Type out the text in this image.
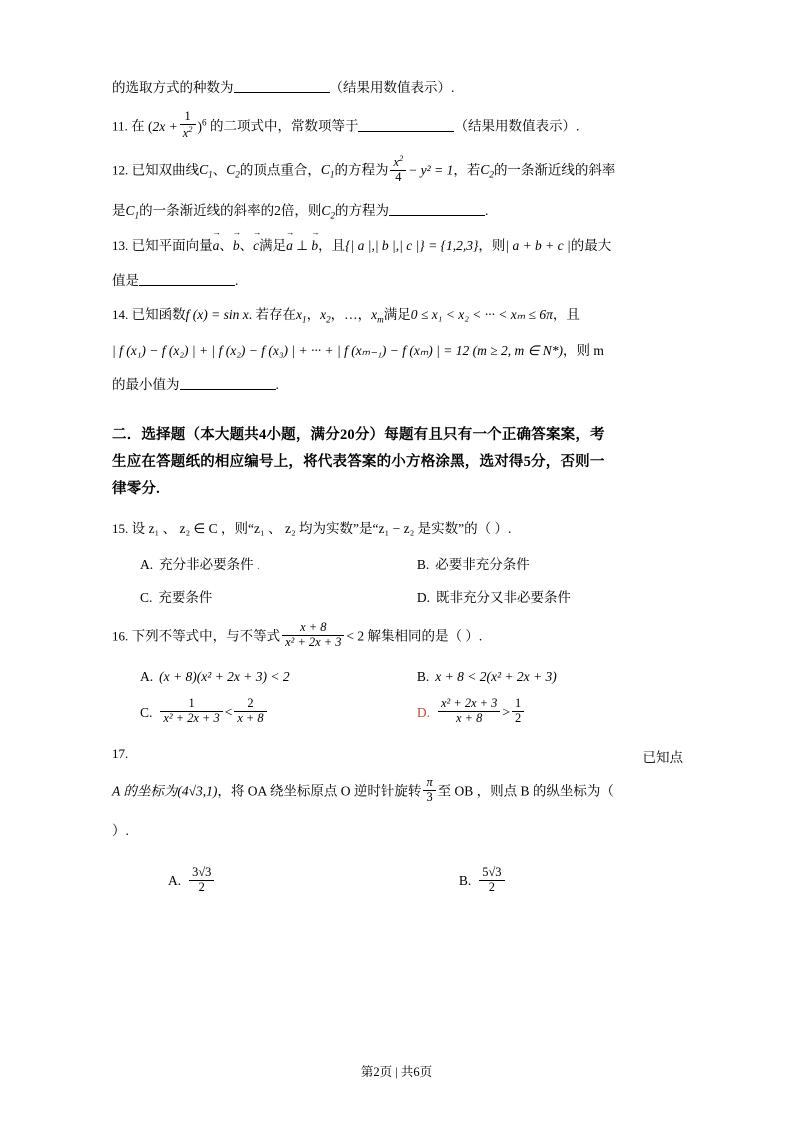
的选取方式的种数为	（结果用数值表示）.
11. 在 $(2x + \frac{1}{x^2} )^6$ 的二项式中，常数项等于	（结果用数值表示）.
12. 已知双曲线$C_1$、$C_2$的顶点重合，$C_1$的方程为 $\frac{x^2}{4} - y^2 = 1$，若$C_2$的一条渐近线的斜率
是$C_1$的一条渐近线的斜率的2倍，则$C_2$的方程为	.
13. 已知平面向量a →、b →、c →满足a → ⊥ b →，且{| a |,| b |,| c |} = {1,2,3}，则| a + b + c |的最大
值是	.
14. 已知函数f (x) = sin x. 若存在$x_1$，$x_2$，…，$x_m$满足0 ≤ x₁ < x₂ < ··· < xₘ ≤ 6π，且
| f (x₁) − f (x₂) | + | f (x₂) − f (x₃) | + ··· + | f (xₘ₋₁) − f (xₘ) | = 12 (m ≥ 2, m ∈ N*)，则 m
的最小值为	.
二．选择题（本大题共4小题，满分20分）每题有且只有一个正确答案案，考
生应在答题纸的相应编号上，将代表答案的小方格涂黑，选对得5分，否则一
律零分.
15. 设 z₁ 、 z₂ ∈ C ，则“z₁ 、 z₂ 均为实数”是“z₁ − z₂ 是实数”的（ ）.
A. 充分非必要条件 .	B. 必要非充分条件
C. 充要条件	D. 既非充分又非必要条件
16. 下列不等式中，与不等式 $\frac{x + 8}{\text{x² + 2x + 3}} < 2$ 解集相同的是（ ）.
A. (x + 8)(x² + 2x + 3) < 2	B. x + 8 < 2(x² + 2x + 3)
C. $\frac{1}{\text{x² + 2x + 3}} < \frac{2}{x + 8}$	D. $\frac{\text{x² + 2x + 3}}{x + 8} > \frac{1}{2}$
17.	已知点
A 的坐标为(4√3,1)，将 OA 绕坐标原点 O 逆时针旋转 $\frac{\pi}{3}$ 至 OB ，则点 B 的纵坐标为（
）.
A. $\frac{3√3}{2}$	B. $\frac{5√3}{2}$
第2页 | 共6页
